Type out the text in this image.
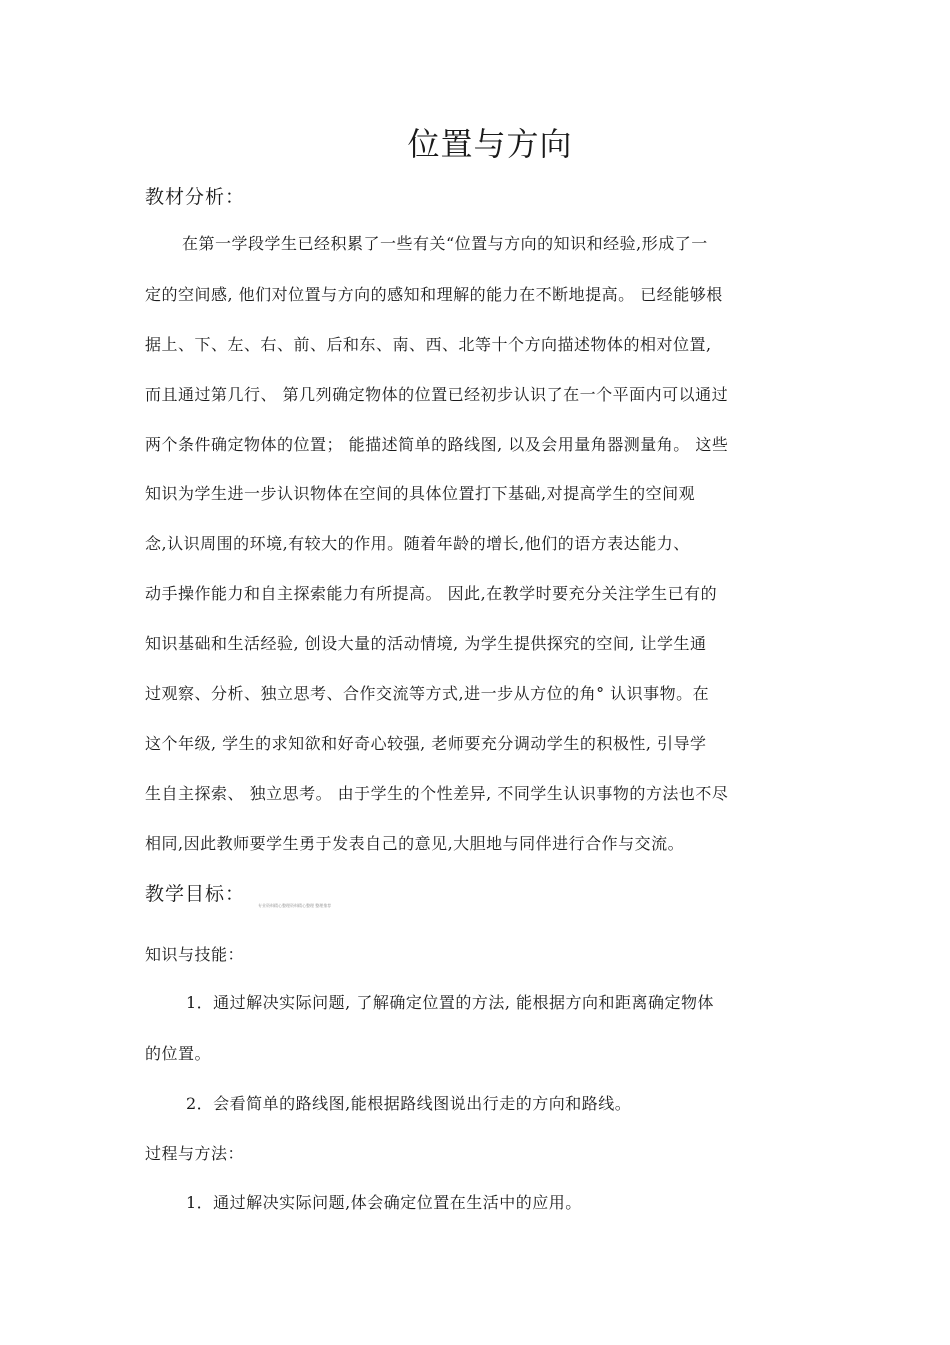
位置与方向
教材分析：
在第一学段学生已经积累了一些有关“位置与方向的知识和经验,形成了一
定的空间感, 他们对位置与方向的感知和理解的能力在不断地提高。 已经能够根
据上、下、左、右、前、后和东、南、西、北等十个方向描述物体的相对位置,
而且通过第几行、 第几列确定物体的位置已经初步认识了在一个平面内可以通过
两个条件确定物体的位置； 能描述简单的路线图, 以及会用量角器测量角。 这些
知识为学生进一步认识物体在空间的具体位置打下基础,对提高学生的空间观
念,认识周围的环境,有较大的作用。随着年龄的增长,他们的语方表达能力、
动手操作能力和自主探索能力有所提高。 因此,在教学时要充分关注学生已有的
知识基础和生活经验, 创设大量的活动情境, 为学生提供探究的空间, 让学生通
过观察、分析、独立思考、合作交流等方式,进一步从方位的角° 认识事物。在
这个年级, 学生的求知欲和好奇心较强, 老师要充分调动学生的积极性, 引导学
生自主探索、 独立思考。 由于学生的个性差异, 不同学生认识事物的方法也不尽
相同,因此教师要学生勇于发表自己的意见,大胆地与同伴进行合作与交流。
教学目标：
专业资料精心整理资料精心整理 整理推荐
知识与技能：
1．通过解决实际问题, 了解确定位置的方法, 能根据方向和距离确定物体
的位置。
2．会看简单的路线图,能根据路线图说出行走的方向和路线。
过程与方法：
1．通过解决实际问题,体会确定位置在生活中的应用。
